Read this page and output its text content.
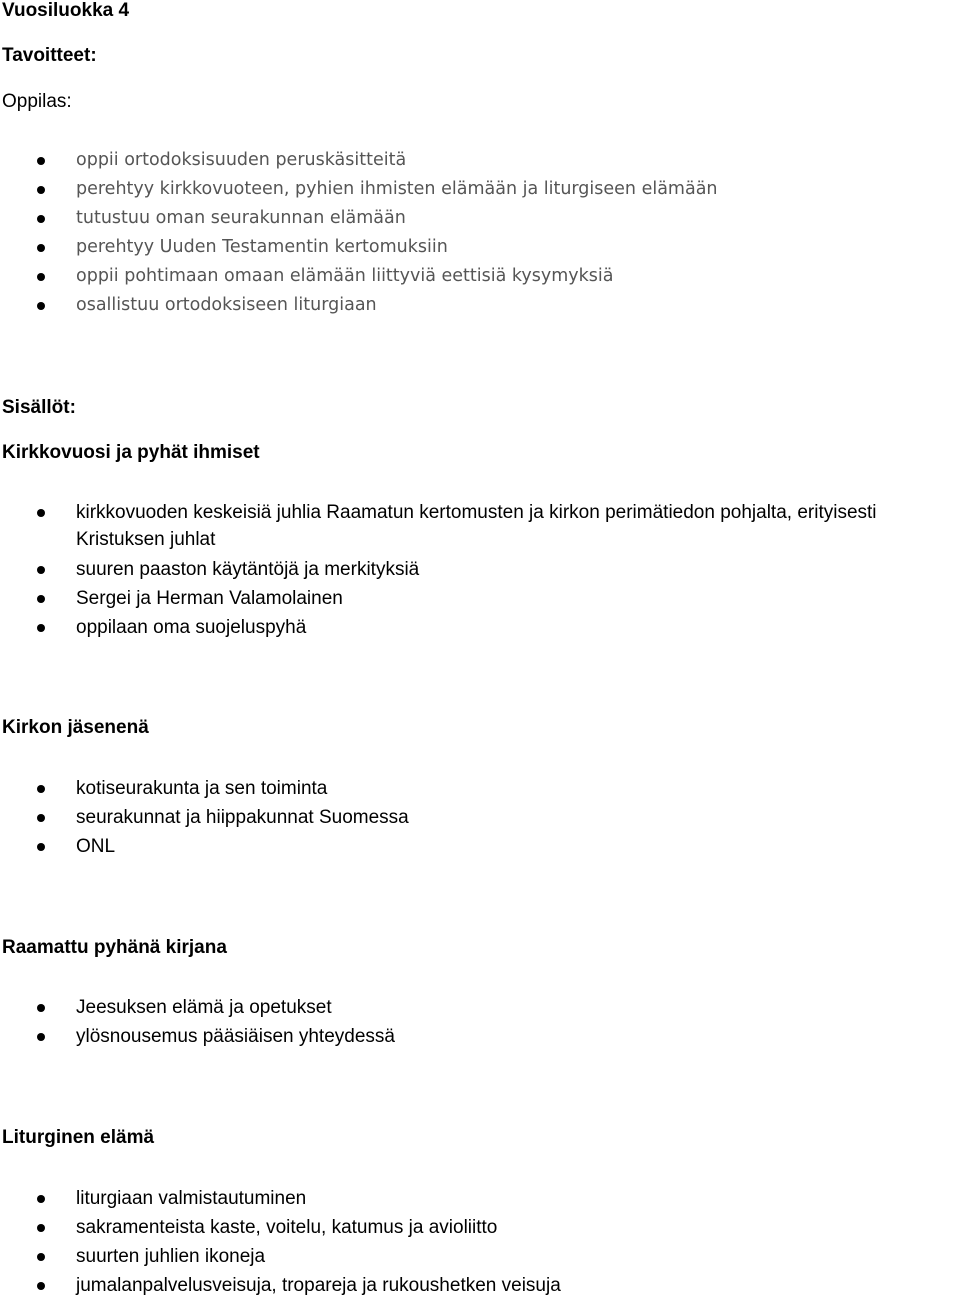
Vuosiluokka 4
Tavoitteet:

Oppilas:

oppii ortodoksisuuden peruskäsitteitä
perehtyy kirkkovuoteen, pyhien ihmisten elämään ja liturgiseen elämään
tutustuu oman seurakunnan elämään
perehtyy Uuden Testamentin kertomuksiin
oppii pohtimaan omaan elämään liittyviä eettisiä kysymyksiä
osallistuu ortodoksiseen liturgiaan
Sisällöt:
Kirkkovuosi ja pyhät ihmiset
kirkkovuoden keskeisiä juhlia Raamatun kertomusten ja kirkon perimätiedon pohjalta, erityisesti Kristuksen juhlat
suuren paaston käytäntöjä ja merkityksiä
Sergei ja Herman Valamolainen
oppilaan oma suojeluspyhä
Kirkon jäsenenä
kotiseurakunta ja sen toiminta
seurakunnat ja hiippakunnat Suomessa
ONL
Raamattu pyhänä kirjana
Jeesuksen elämä ja opetukset
ylösnousemus pääsiäisen yhteydessä
Liturginen elämä
liturgiaan valmistautuminen
sakramenteista kaste, voitelu, katumus ja avioliitto
suurten juhlien ikoneja
jumalanpalvelusveisuja, tropareja ja rukoushetken veisuja
